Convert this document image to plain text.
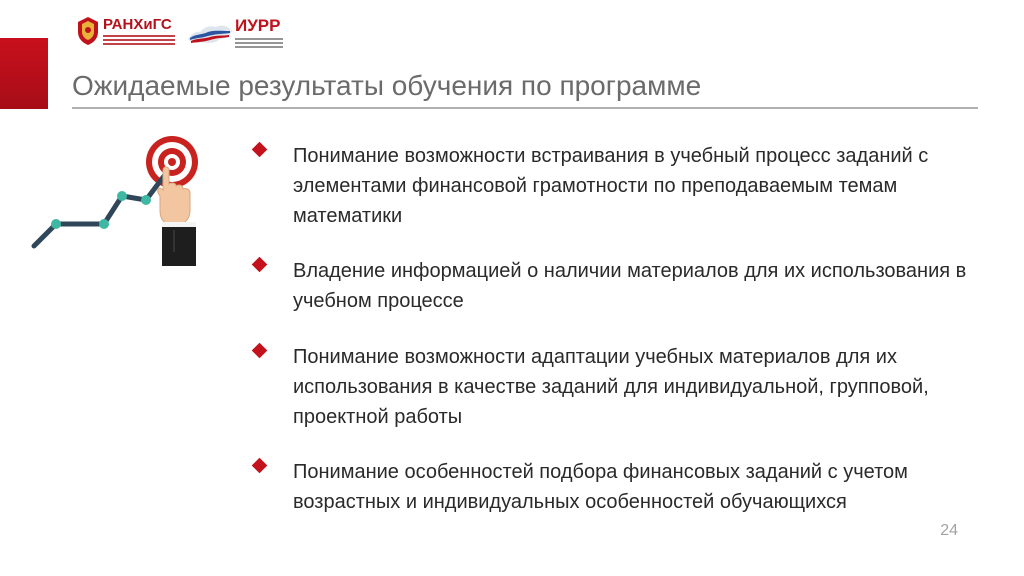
РАНХиГС	ИУРР
Ожидаемые результаты обучения по программе
Понимание возможности встраивания в учебный процесс заданий с элементами финансовой грамотности по преподаваемым темам математики
Владение информацией о наличии материалов для их использования в учебном процессе
Понимание возможности адаптации учебных материалов для их использования в качестве заданий для индивидуальной, групповой, проектной работы
Понимание особенностей подбора финансовых заданий с учетом возрастных и индивидуальных особенностей обучающихся
24
